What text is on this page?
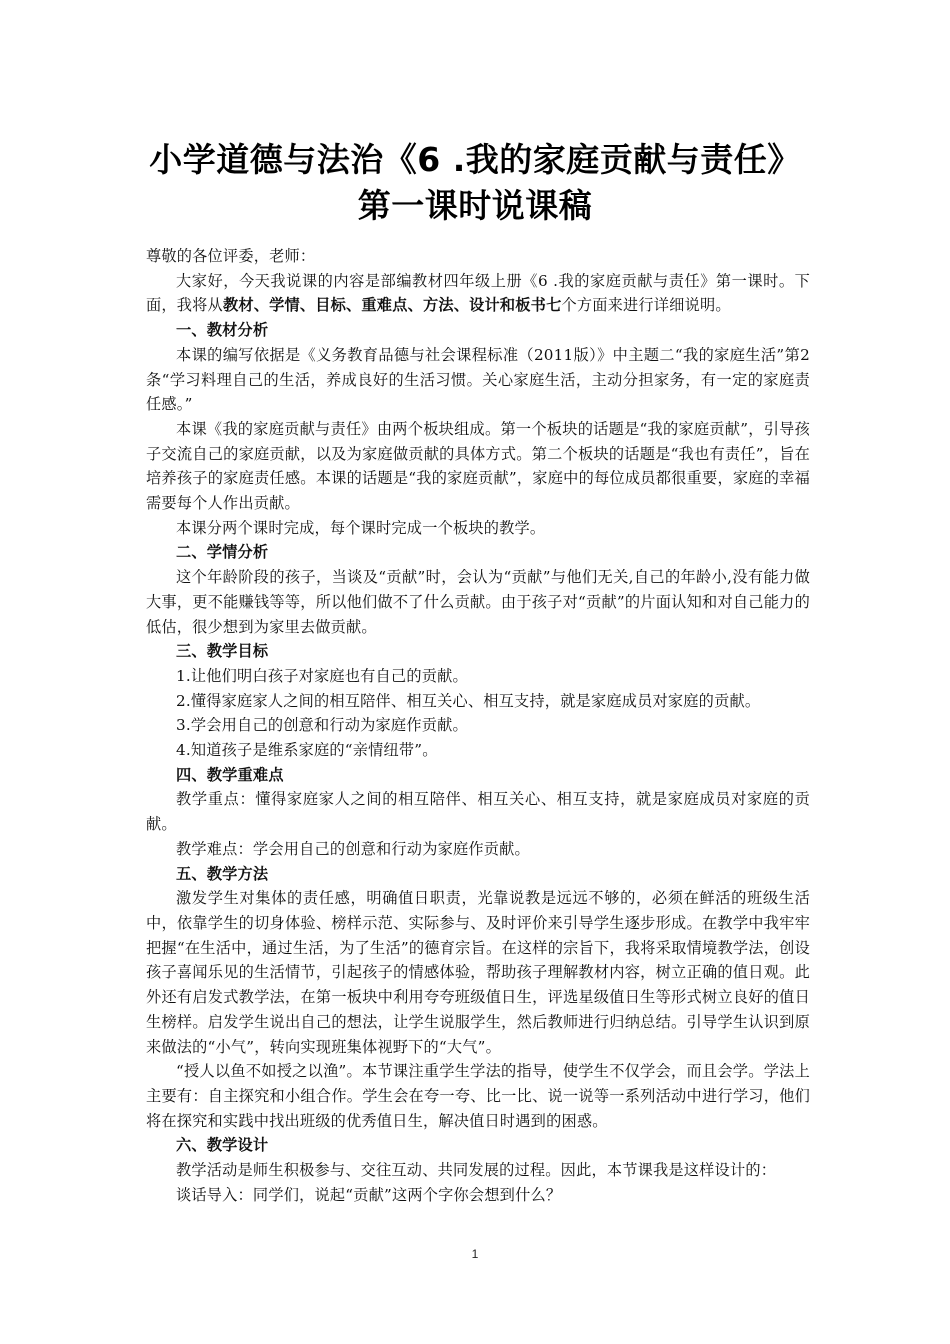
小学道德与法治《6 .我的家庭贡献与责任》
第一课时说课稿

尊敬的各位评委，老师：

大家好，今天我说课的内容是部编教材四年级上册《6 .我的家庭贡献与责任》第一课时。下面，我将从教材、学情、目标、重难点、方法、设计和板书七个方面来进行详细说明。

一、教材分析

本课的编写依据是《义务教育品德与社会课程标准（2011版）》中主题二“我的家庭生活”第2条“学习料理自己的生活，养成良好的生活习惯。关心家庭生活，主动分担家务，有一定的家庭责任感。”

本课《我的家庭贡献与责任》由两个板块组成。第一个板块的话题是“我的家庭贡献”，引导孩子交流自己的家庭贡献，以及为家庭做贡献的具体方式。第二个板块的话题是“我也有责任”，旨在培养孩子的家庭责任感。本课的话题是“我的家庭贡献”，家庭中的每位成员都很重要，家庭的幸福需要每个人作出贡献。

本课分两个课时完成，每个课时完成一个板块的教学。

二、学情分析

这个年龄阶段的孩子，当谈及“贡献”时，会认为“贡献”与他们无关,自己的年龄小,没有能力做大事，更不能赚钱等等，所以他们做不了什么贡献。由于孩子对“贡献”的片面认知和对自己能力的低估，很少想到为家里去做贡献。

三、教学目标

1.让他们明白孩子对家庭也有自己的贡献。

2.懂得家庭家人之间的相互陪伴、相互关心、相互支持，就是家庭成员对家庭的贡献。

3.学会用自己的创意和行动为家庭作贡献。

4.知道孩子是维系家庭的“亲情纽带”。

四、教学重难点

教学重点：懂得家庭家人之间的相互陪伴、相互关心、相互支持，就是家庭成员对家庭的贡献。

教学难点：学会用自己的创意和行动为家庭作贡献。

五、教学方法

激发学生对集体的责任感，明确值日职责，光靠说教是远远不够的，必须在鲜活的班级生活中，依靠学生的切身体验、榜样示范、实际参与、及时评价来引导学生逐步形成。在教学中我牢牢把握“在生活中，通过生活，为了生活”的德育宗旨。在这样的宗旨下，我将采取情境教学法，创设孩子喜闻乐见的生活情节，引起孩子的情感体验，帮助孩子理解教材内容，树立正确的值日观。此外还有启发式教学法，在第一板块中利用夸夸班级值日生，评选星级值日生等形式树立良好的值日生榜样。启发学生说出自己的想法，让学生说服学生，然后教师进行归纳总结。引导学生认识到原来做法的“小气”，转向实现班集体视野下的“大气”。

“授人以鱼不如授之以渔”。本节课注重学生学法的指导，使学生不仅学会，而且会学。学法上主要有：自主探究和小组合作。学生会在夸一夸、比一比、说一说等一系列活动中进行学习，他们将在探究和实践中找出班级的优秀值日生，解决值日时遇到的困惑。

六、教学设计

教学活动是师生积极参与、交往互动、共同发展的过程。因此，本节课我是这样设计的：

谈话导入：同学们，说起“贡献”这两个字你会想到什么？

1
